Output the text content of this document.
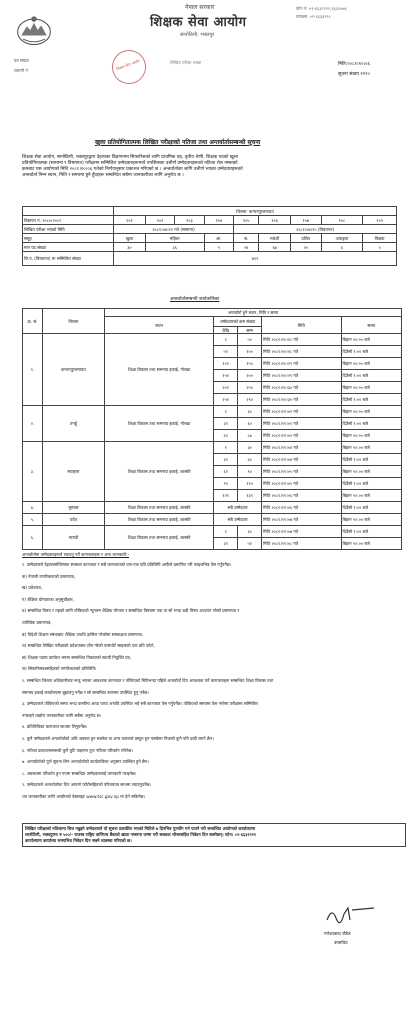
नेपाल सरकार
शिक्षक सेवा आयोग
सानोठिमी, भक्तपुर
फोन नं: ०१-६६३२२२१,६६३२०७६
फ्याक्स: ०१-६६३३९९०
पत्र संख्या
चलानी नं	शिक्षक सेवा आयोग	लिखित परीक्षा शाखा	मिति:२०८१।१०।०६
सूचना संख्या ११२०
खुला प्रतियोगितात्मक लिखित परीक्षाको नतिजा तथा अन्तर्वार्तासम्बन्धी सूचना

शिक्षक सेवा आयोग, सानोठिमी, भक्तपुरद्वारा देहायका विज्ञापनमा सिफारिसको लागि प्राथमिक तह, तृतीय श्रेणी, शिक्षक पदको खुला

प्रतियोगितात्मक (सामान्य र विषयगत) परीक्षामा सम्मिलित उम्मेदवारहरूमध्ये तपसिलका उत्तीर्ण उम्मेदवारहरूको नतिजा रोल नम्बरको

क्रमबाट यस आयोगको मिति २०८१।१०।०६ गतेको निर्णयानुसार प्रकाशन गरिएको छ । अन्तर्वार्ताका लागि उत्तीर्ण भएका उम्मेदवारहरूको

अन्तर्वार्ता निम्न स्थान, मिति र समयमा हुने हुँदाहरू सम्बन्धित सबैमा जानकारीका लागि अनुरोध छ ।

	जिल्ला: कन्चनपुरलगायत								
विज्ञापन नं. २०८०।२०८१	१०१	१०२	१०३	१०४	१०५	१०६	१०७	१०८	१०९
लिखित परीक्षा भएको मिति	२०८१।०७।२२ गते (सामान्य)				२०८१।०७।२५ (विषयगत)				
समूह	खुला	महिला		आ.	ज.	मधेशी	दलित	अपाङ्गता	पिछडा
माग पद संख्या	३०	३६		९	२४	६७	२०	६	५
लि.प. (विषयगत) मा सम्मिलित संख्या	७११								
अन्तर्वार्तासम्बन्धी कार्यतालिका
क्र. सं.	जिल्ला	अन्तर्वार्ता हुने स्थान, मिति र समय				
		स्थान	उम्मेदवारको क्रम संख्या		मिति	समय
			देखि	सम्म		
१.	कन्चनपुरलगायत	शिक्षा विकास तथा समन्वय इकाई, गोरखा	१	५०	मिति २०८१।१०।२८ गते	बिहान १०:०० बजे
			५१	१००	मिति २०८१।१०।२८ गते	दिउँसो १:०० बजे
			१०१	१५०	मिति २०८१।१०।२९ गते	बिहान १०:०० बजे
			१५१	२००	मिति २०८१।१०।२९ गते	दिउँसो १:०० बजे
			२०१	२५०	मिति २०८१।१०।३० गते	बिहान १०:०० बजे
			२५१	२९०	मिति २०८१।१०।३० गते	दिउँसो १:०० बजे
२.	तनहुँ	शिक्षा विकास तथा समन्वय इकाई, गोरखा	१	३०	मिति २०८१।११।०१ गते	बिहान १०:०० बजे
			३१	६०	मिति २०८१।११।०१ गते	दिउँसो १:०० बजे
			६१	८७	मिति २०८१।११।०२ गते	बिहान १०:०० बजे
३.	स्याङ्जा	शिक्षा विकास तथा समन्वय इकाई, कास्की	१	३०	मिति २०८१।११।०४ गते	बिहान १०:०० बजे
			३१	६०	मिति २०८१।११।०४ गते	दिउँसो १:०० बजे
			६१	९०	मिति २०८१।११।०५ गते	बिहान १०:०० बजे
			९१	१२०	मिति २०८१।११।०५ गते	दिउँसो १:०० बजे
			१२१	१३१	मिति २०८१।११।०६ गते	बिहान १०:०० बजे
४.	मुस्ताङ	शिक्षा विकास तथा समन्वय इकाई, कास्की	सबै उम्मेदवार		मिति २०८१।११।०६ गते	दिउँसो १:०० बजे
५.	पर्वत	शिक्षा विकास तथा समन्वय इकाई, कास्की	सबै उम्मेदवार		मिति २०८१।११।०७ गते	बिहान १०:०० बजे
६.	म्याग्दी	शिक्षा विकास तथा समन्वय इकाई, कास्की	१	३०	मिति २०८१।११।०७ गते	दिउँसो १:०० बजे
			३१	५१	मिति २०८१।११।०८ गते	बिहान १०:०० बजे
अन्तर्वार्तामा उम्मेदवारहरूले ल्याउनु पर्ने कागजातहरू र अन्य जानकारी:-
१. उम्मेदवारले देहायबमोजिमका सक्कल कागजात र सबै कागजातको एक-एक प्रति प्रतिलिपि आफैंले प्रमाणित गरी फाइलभित्र पेस गर्नुपर्नेछ।
क) नेपाली नागरिकताको प्रमाणपत्र,
ख) प्रवेशपत्र,
ग) शैक्षिक योग्यताका अनुसूचीहरू,
घ) सम्बन्धित विषय र तहको लागि तोकिएको न्यूनतम शैक्षिक योग्यता र सम्बन्धित विषयमा एक वा सो भन्दा बढी विषय अध्ययन गरेको प्रमाणपत्र र
चारित्रिक प्रमाणपत्र,
ङ) विदेशी शिक्षण संस्थाबाट शैक्षिक उपाधि हासिल गरेकोमा समकक्षता प्रमाणपत्र,
च) सम्बन्धित लिखित परीक्षाको प्रवेशपत्रमा टाँस गरेको पासपोर्ट साइजको एक प्रति फोटो,
छ) शिक्षक पदमा कार्यरत भएमा सम्बन्धित निकायको स्थायी नियुक्ति पत्र,
ज) सिफारिसपत्रसहितको नागरिकताको प्रतिलिपि।
२. सम्बन्धित जिल्ला अधिकारीबाट रूजु भएका आवश्यक कागजात र तोकिएको मितिभन्दा पहिले अन्तर्वार्ता दिन आवश्यक पर्ने कागजातहरू सम्बन्धित शिक्षा विकास तथा
समन्वय इकाई कार्यालयमा बुझाउनु पर्नेछ र सो सम्बन्धित स्थानमा उपस्थित हुनु पर्नेछ।
३. उम्मेदवारले तोकिएको समय भन्दा कम्तीमा आधा घण्टा अगाडि उपस्थित भई सबै कागजात पेस गर्नुपर्नेछ। तोकिएको समयमा पेस नगरेमा परीक्षामा सम्मिलित
नगराइने व्यहोरा जानकारीका लागि सबैमा अनुरोध छ।
४. प्रतिलिपिका कागजात साथमा लिनुपर्नेछ।
५. कुनै उम्मेदवारले अन्तर्वार्ताको अघि अवस्था हुन सक्नेछ वा अन्य कारणले प्रस्तुत हुन नसकेमा निजको कुनै पनि दाबी लाग्ने छैन।
६. नतिजा प्रकाशनसम्बन्धी कुनै त्रुटि पाइएमा पुनः नतिजा परिवर्तन गरिनेछ।
७. अन्तर्वार्ताको पूर्ण सूचना लिन अन्तर्वार्ताको कार्यतालिका अनुसार उपस्थित हुने छैन।
८. अवस्थामा परिवर्तन हुन गएमा सम्बन्धित उम्मेदवारलाई जानकारी गराइनेछ।
९. उम्मेदवारले अन्तर्वार्ताका दिन आफ्नो फोटोसहितको परिचयपत्र साथमा ल्याउनुपर्नेछ।
थप जानकारीका लागि आयोगको वेबसाइट www.tsc.gov.np मा हेर्न सकिनेछ।
लिखित परीक्षाको नतिजामा चित्त नबुझ्ने उम्मेदवारले यो सूचना प्रकाशित भएको मितिले ७ दिनभित्र पुनर्योग गर्न पाउने गरी सम्बन्धित आयोगको कार्यालयमा
सानोठिमी, भक्तपुरमा रु ५००/- राजस्व राष्ट्रिय वाणिज्य बैंकको खाता नम्बरमा जम्मा गरी सक्कल भौचरसहित निवेदन दिन सक्नेछन्। फोन: ०१-६६३२२२१
कार्यालयमा कार्यालय समयभित्र निवेदन दिन सक्ने व्यवस्था गरिएको छ।
गणेशप्रसाद पौडेल
उपसचिव
